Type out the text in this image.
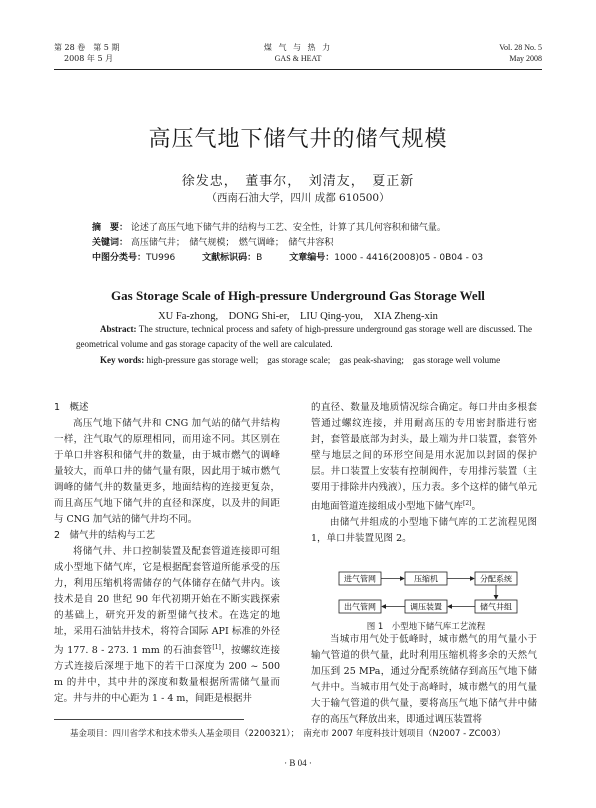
第 28 卷　第 5 期
2008 年 5 月
煤 气 与 热 力
GAS & HEAT
Vol. 28 No. 5
May 2008
高压气地下储气井的储气规模
徐发忠，　董事尔，　刘清友，　夏正新
（西南石油大学，四川 成都 610500）
摘　要： 论述了高压气地下储气井的结构与工艺、安全性，计算了其几何容积和储气量。
关键词： 高压储气井；　储气规模；　燃气调峰；　储气井容积
中图分类号：TU996	文献标识码：B	文章编号：1000 - 4416(2008)05 - 0B04 - 03
Gas Storage Scale of High-pressure Underground Gas Storage Well
XU Fa-zhong,　DONG Shi-er,　LIU Qing-you,　XIA Zheng-xin
Abstract: The structure, technical process and safety of high-pressure underground gas storage well are discussed. The geometrical volume and gas storage capacity of the well are calculated.
Key words: high-pressure gas storage well;　gas storage scale;　gas peak-shaving;　gas storage well volume

1　概述

高压气地下储气井和 CNG 加气站的储气井结构一样，注气取气的原理相同，而用途不同。其区别在于单口井容积和储气井的数量，由于城市燃气的调峰量较大，而单口井的储气量有限，因此用于城市燃气调峰的储气井的数量更多，地面结构的连接更复杂，而且高压气地下储气井的直径和深度，以及井的间距与 CNG 加气站的储气井均不同。

2　储气井的结构与工艺

将储气井、井口控制装置及配套管道连接即可组成小型地下储气库，它是根据配套管道所能承受的压力，利用压缩机将需储存的气体储存在储气井内。该技术是自 20 世纪 90 年代初期开始在不断实践探索的基础上，研究开发的新型储气技术。在选定的地址，采用石油钻井技术，将符合国际 API 标准的外径为 177. 8 - 273. 1 mm 的石油套管[1]，按螺纹连接方式连接后深埋于地下的若干口深度为 200 ~ 500 m 的井中，其中井的深度和数量根据所需储气量而定。井与井的中心距为 1 - 4 m，间距是根据井

的直径、数量及地质情况综合确定。每口井由多根套管通过螺纹连接，并用耐高压的专用密封脂进行密封，套管最底部为封头，最上端为井口装置，套管外壁与地层之间的环形空间是用水泥加以封固的保护层。井口装置上安装有控制阀件，专用排污装置（主要用于排除井内残液），压力表。多个这样的储气单元由地面管道连接组成小型地下储气库[2]。

由储气井组成的小型地下储气库的工艺流程见图 1，单口井装置见图 2。

进气管网	压缩机	分配系统
出气管网	调压装置	储气井组
图 1　小型地下储气库工艺流程

当城市用气处于低峰时，城市燃气的用气量小于输气管道的供气量，此时利用压缩机将多余的天然气加压到 25 MPa，通过分配系统储存到高压气地下储气井中。当城市用气处于高峰时，城市燃气的用气量大于输气管道的供气量，要将高压气地下储气井中储存的高压气释放出来，即通过调压装置将

基金项目：四川省学术和技术带头人基金项目（2200321）；　南充市 2007 年度科技计划项目（N2007 - ZC003）
· B 04 ·
